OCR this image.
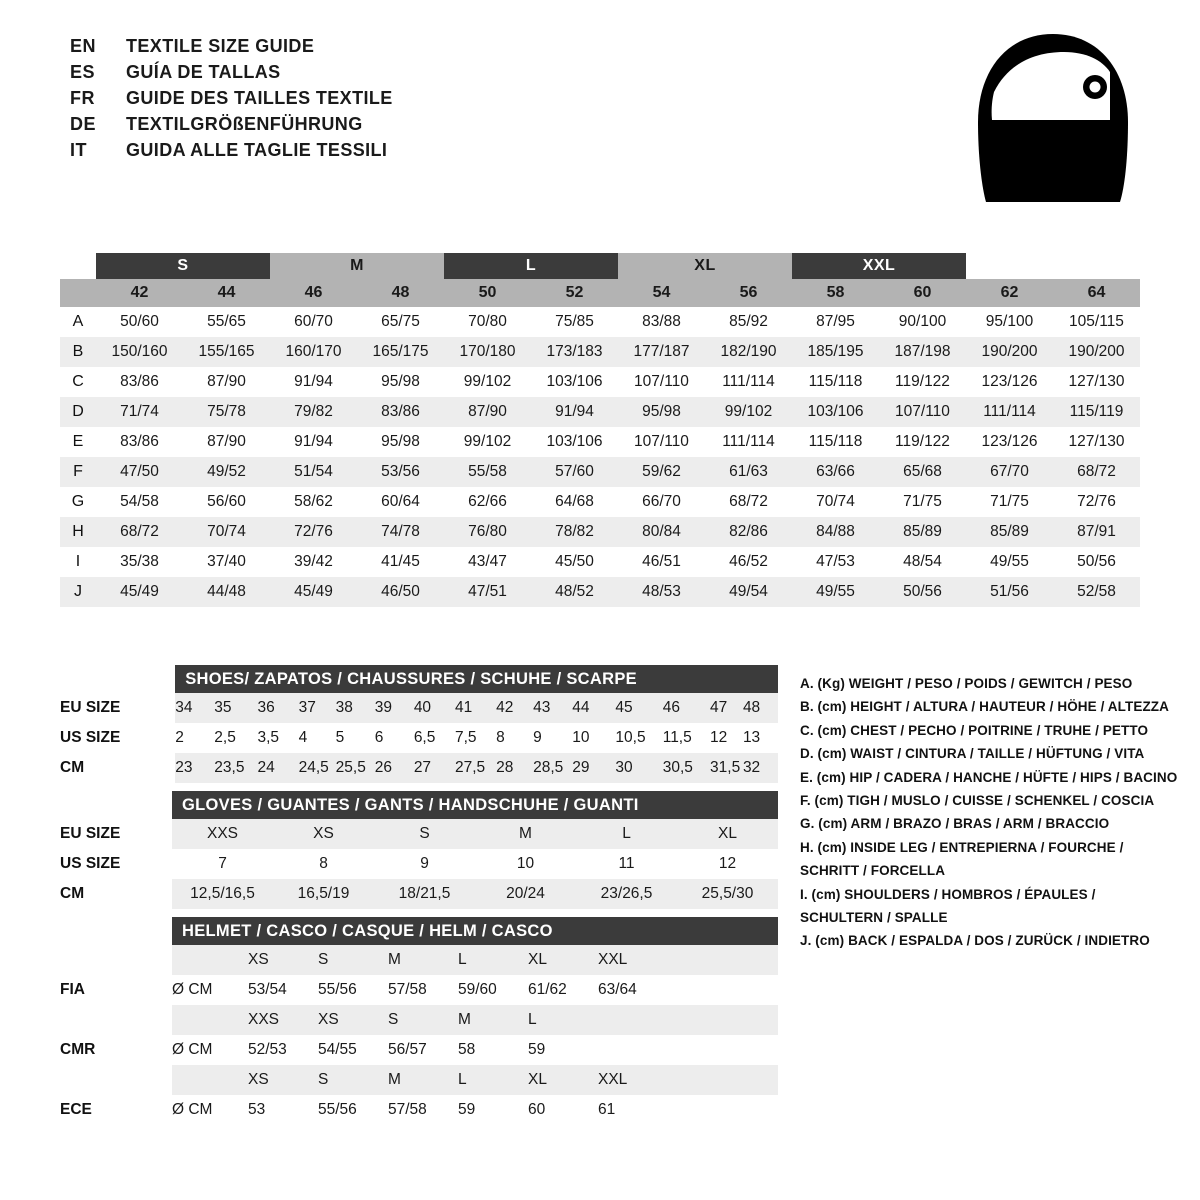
EN	TEXTILE SIZE GUIDE
ES	GUÍA DE TALLAS
FR	GUIDE DES TAILLES TEXTILE
DE	TEXTILGRÖßENFÜHRUNG
IT	GUIDA ALLE TAGLIE TESSILI
	S		M		L		XL		XXL			
	42	44	46	48	50	52	54	56	58	60	62	64
A	50/60	55/65	60/70	65/75	70/80	75/85	83/88	85/92	87/95	90/100	95/100	105/115
B	150/160	155/165	160/170	165/175	170/180	173/183	177/187	182/190	185/195	187/198	190/200	190/200
C	83/86	87/90	91/94	95/98	99/102	103/106	107/110	111/114	115/118	119/122	123/126	127/130
D	71/74	75/78	79/82	83/86	87/90	91/94	95/98	99/102	103/106	107/110	111/114	115/119
E	83/86	87/90	91/94	95/98	99/102	103/106	107/110	111/114	115/118	119/122	123/126	127/130
F	47/50	49/52	51/54	53/56	55/58	57/60	59/62	61/63	63/66	65/68	67/70	68/72
G	54/58	56/60	58/62	60/64	62/66	64/68	66/70	68/72	70/74	71/75	71/75	72/76
H	68/72	70/74	72/76	74/78	76/80	78/82	80/84	82/86	84/88	85/89	85/89	87/91
I	35/38	37/40	39/42	41/45	43/47	45/50	46/51	46/52	47/53	48/54	49/55	50/56
J	45/49	44/48	45/49	46/50	47/51	48/52	48/53	49/54	49/55	50/56	51/56	52/58
	SHOES/ ZAPATOS / CHAUSSURES / SCHUHE / SCARPE														
EU SIZE	34	35	36	37	38	39	40	41	42	43	44	45	46	47	48
US SIZE	2	2,5	3,5	4	5	6	6,5	7,5	8	9	10	10,5	11,5	12	13
CM	23	23,5	24	24,5	25,5	26	27	27,5	28	28,5	29	30	30,5	31,5	32
	GLOVES / GUANTES / GANTS / HANDSCHUHE / GUANTI					
EU SIZE	XXS	XS	S	M	L	XL
US SIZE	7	8	9	10	11	12
CM	12,5/16,5	16,5/19	18/21,5	20/24	23/26,5	25,5/30
	HELMET / CASCO / CASQUE / HELM / CASCO						
		XS	S	M	L	XL	XXL
FIA	Ø CM	53/54	55/56	57/58	59/60	61/62	63/64
		XXS	XS	S	M	L	
CMR	Ø CM	52/53	54/55	56/57	58	59	
		XS	S	M	L	XL	XXL
ECE	Ø CM	53	55/56	57/58	59	60	61
A. (Kg) WEIGHT / PESO / POIDS / GEWITCH / PESO
B. (cm) HEIGHT / ALTURA / HAUTEUR / HÖHE / ALTEZZA
C. (cm) CHEST / PECHO / POITRINE / TRUHE / PETTO
D. (cm) WAIST / CINTURA / TAILLE / HÜFTUNG / VITA
E. (cm) HIP / CADERA / HANCHE / HÜFTE / HIPS / BACINO
F. (cm) TIGH / MUSLO / CUISSE / SCHENKEL / COSCIA
G. (cm) ARM / BRAZO / BRAS / ARM / BRACCIO
H. (cm) INSIDE LEG / ENTREPIERNA / FOURCHE /
SCHRITT / FORCELLA
I. (cm) SHOULDERS / HOMBROS / ÉPAULES /
SCHULTERN / SPALLE
J. (cm) BACK / ESPALDA / DOS / ZURÜCK / INDIETRO
